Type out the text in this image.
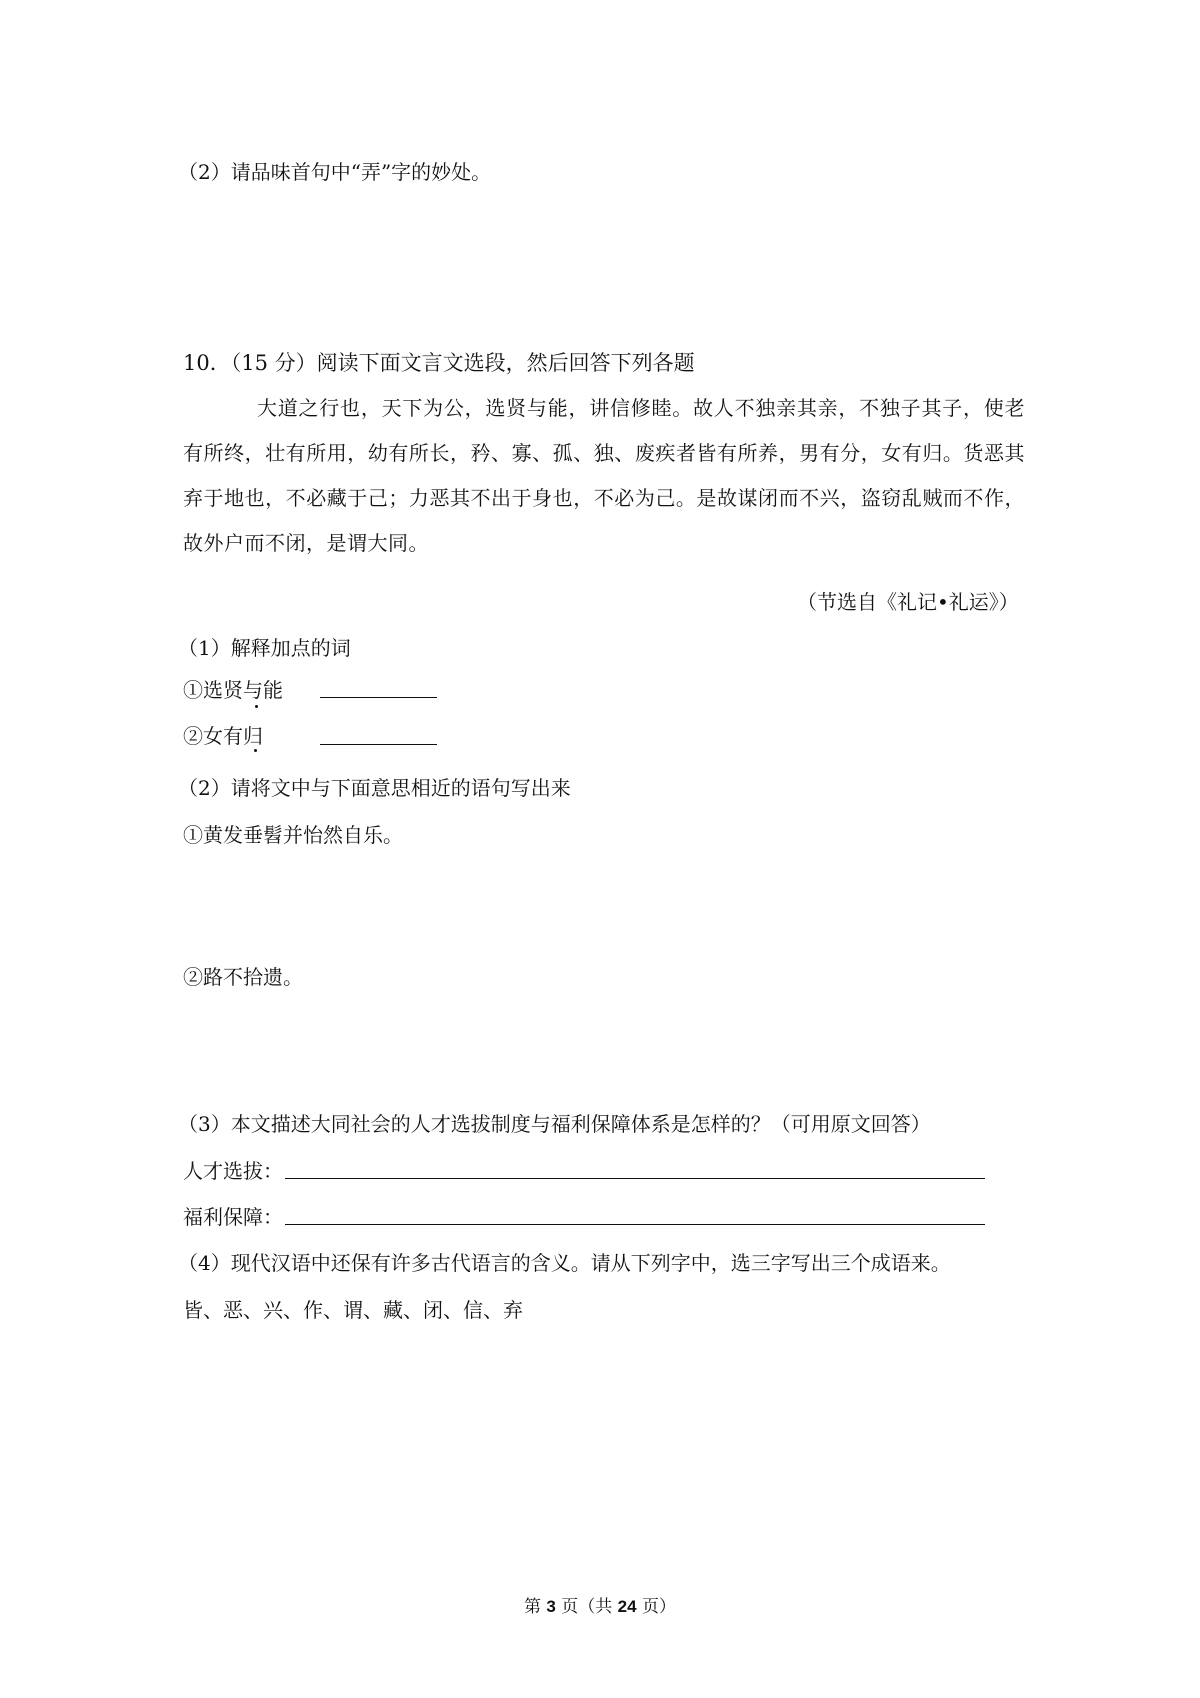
（2）请品味首句中“弄”字的妙处。
10．（15 分）阅读下面文言文选段，然后回答下列各题
大道之行也，天下为公，选贤与能，讲信修睦。故人不独亲其亲，不独子其子，使老有所终，壮有所用，幼有所长，矜、寡、孤、独、废疾者皆有所养，男有分，女有归。货恶其弃于地也，不必藏于己；力恶其不出于身也，不必为己。是故谋闭而不兴，盗窃乱贼而不作，故外户而不闭，是谓大同。
（节选自《礼记•礼运》）
（1）解释加点的词
①选贤与能
②女有归
（2）请将文中与下面意思相近的语句写出来
①黄发垂髫并怡然自乐。
②路不拾遗。
（3）本文描述大同社会的人才选拔制度与福利保障体系是怎样的？（可用原文回答）
人才选拔：
福利保障：
（4）现代汉语中还保有许多古代语言的含义。请从下列字中，选三字写出三个成语来。
皆、恶、兴、作、谓、藏、闭、信、弃
第 3 页（共 24 页）
